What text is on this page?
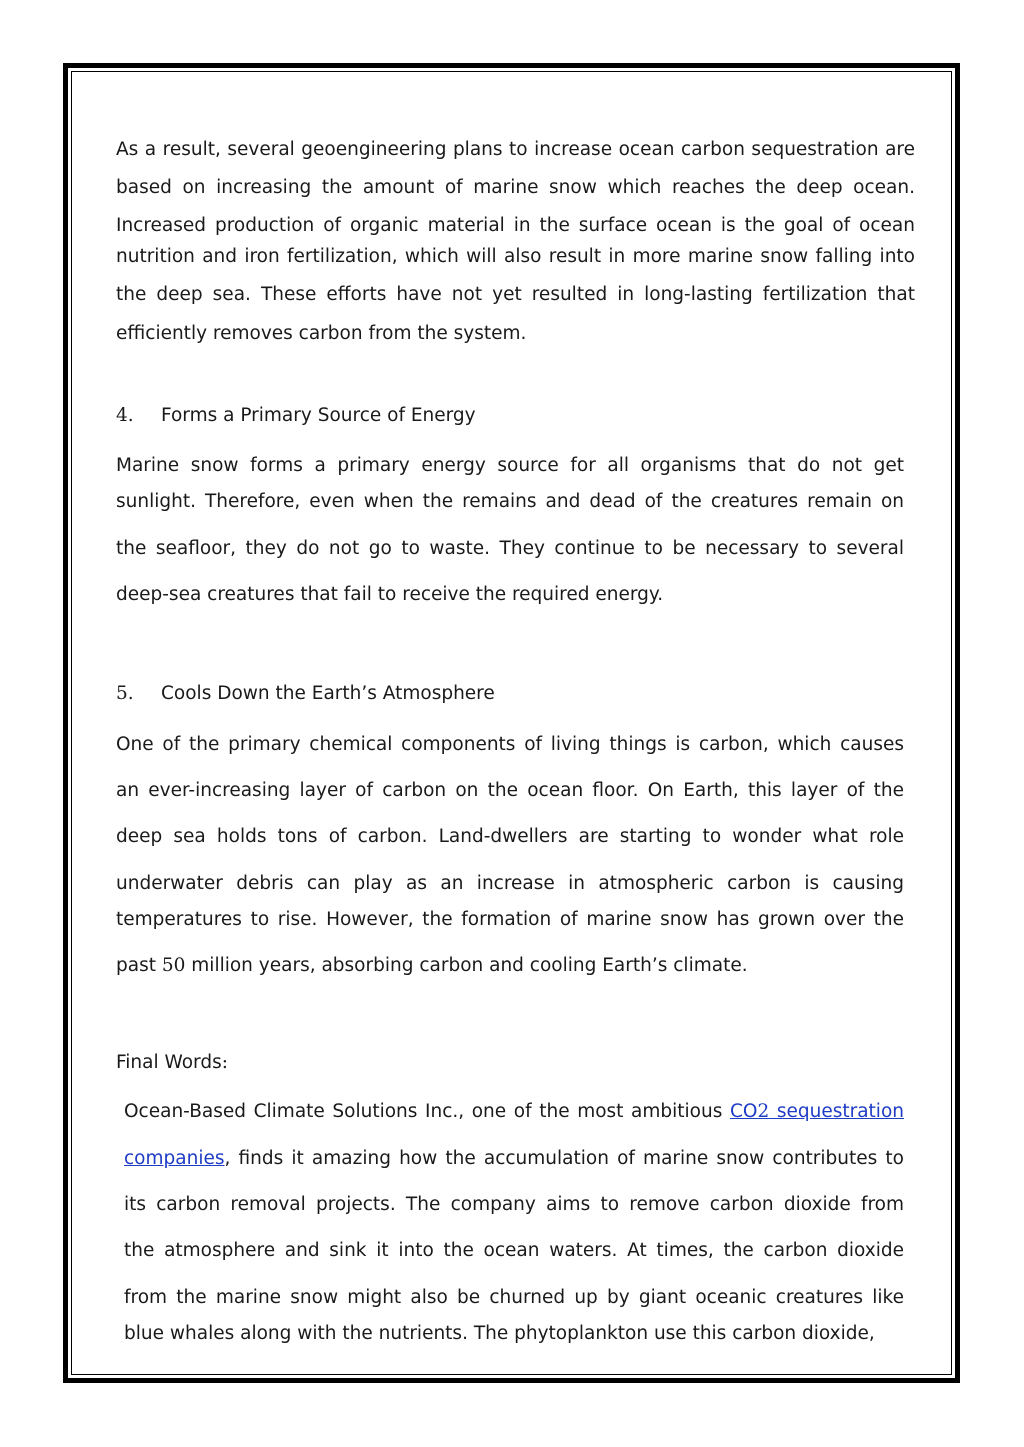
As a result, several geoengineering plans to increase ocean carbon sequestration are
based on increasing the amount of marine snow which reaches the deep ocean.
Increased production of organic material in the surface ocean is the goal of ocean
nutrition and iron fertilization, which will also result in more marine snow falling into
the deep sea. These efforts have not yet resulted in long-lasting fertilization that
efficiently removes carbon from the system.
4. Forms a Primary Source of Energy
Marine snow forms a primary energy source for all organisms that do not get
sunlight. Therefore, even when the remains and dead of the creatures remain on
the seafloor, they do not go to waste. They continue to be necessary to several
deep-sea creatures that fail to receive the required energy.
5. Cools Down the Earth’s Atmosphere
One of the primary chemical components of living things is carbon, which causes
an ever-increasing layer of carbon on the ocean floor. On Earth, this layer of the
deep sea holds tons of carbon. Land-dwellers are starting to wonder what role
underwater debris can play as an increase in atmospheric carbon is causing
temperatures to rise. However, the formation of marine snow has grown over the
past 50 million years, absorbing carbon and cooling Earth’s climate.
Final Words:
Ocean-Based Climate Solutions Inc., one of the most ambitious CO2 sequestration
companies, finds it amazing how the accumulation of marine snow contributes to
its carbon removal projects. The company aims to remove carbon dioxide from
the atmosphere and sink it into the ocean waters. At times, the carbon dioxide
from the marine snow might also be churned up by giant oceanic creatures like
blue whales along with the nutrients. The phytoplankton use this carbon dioxide,
